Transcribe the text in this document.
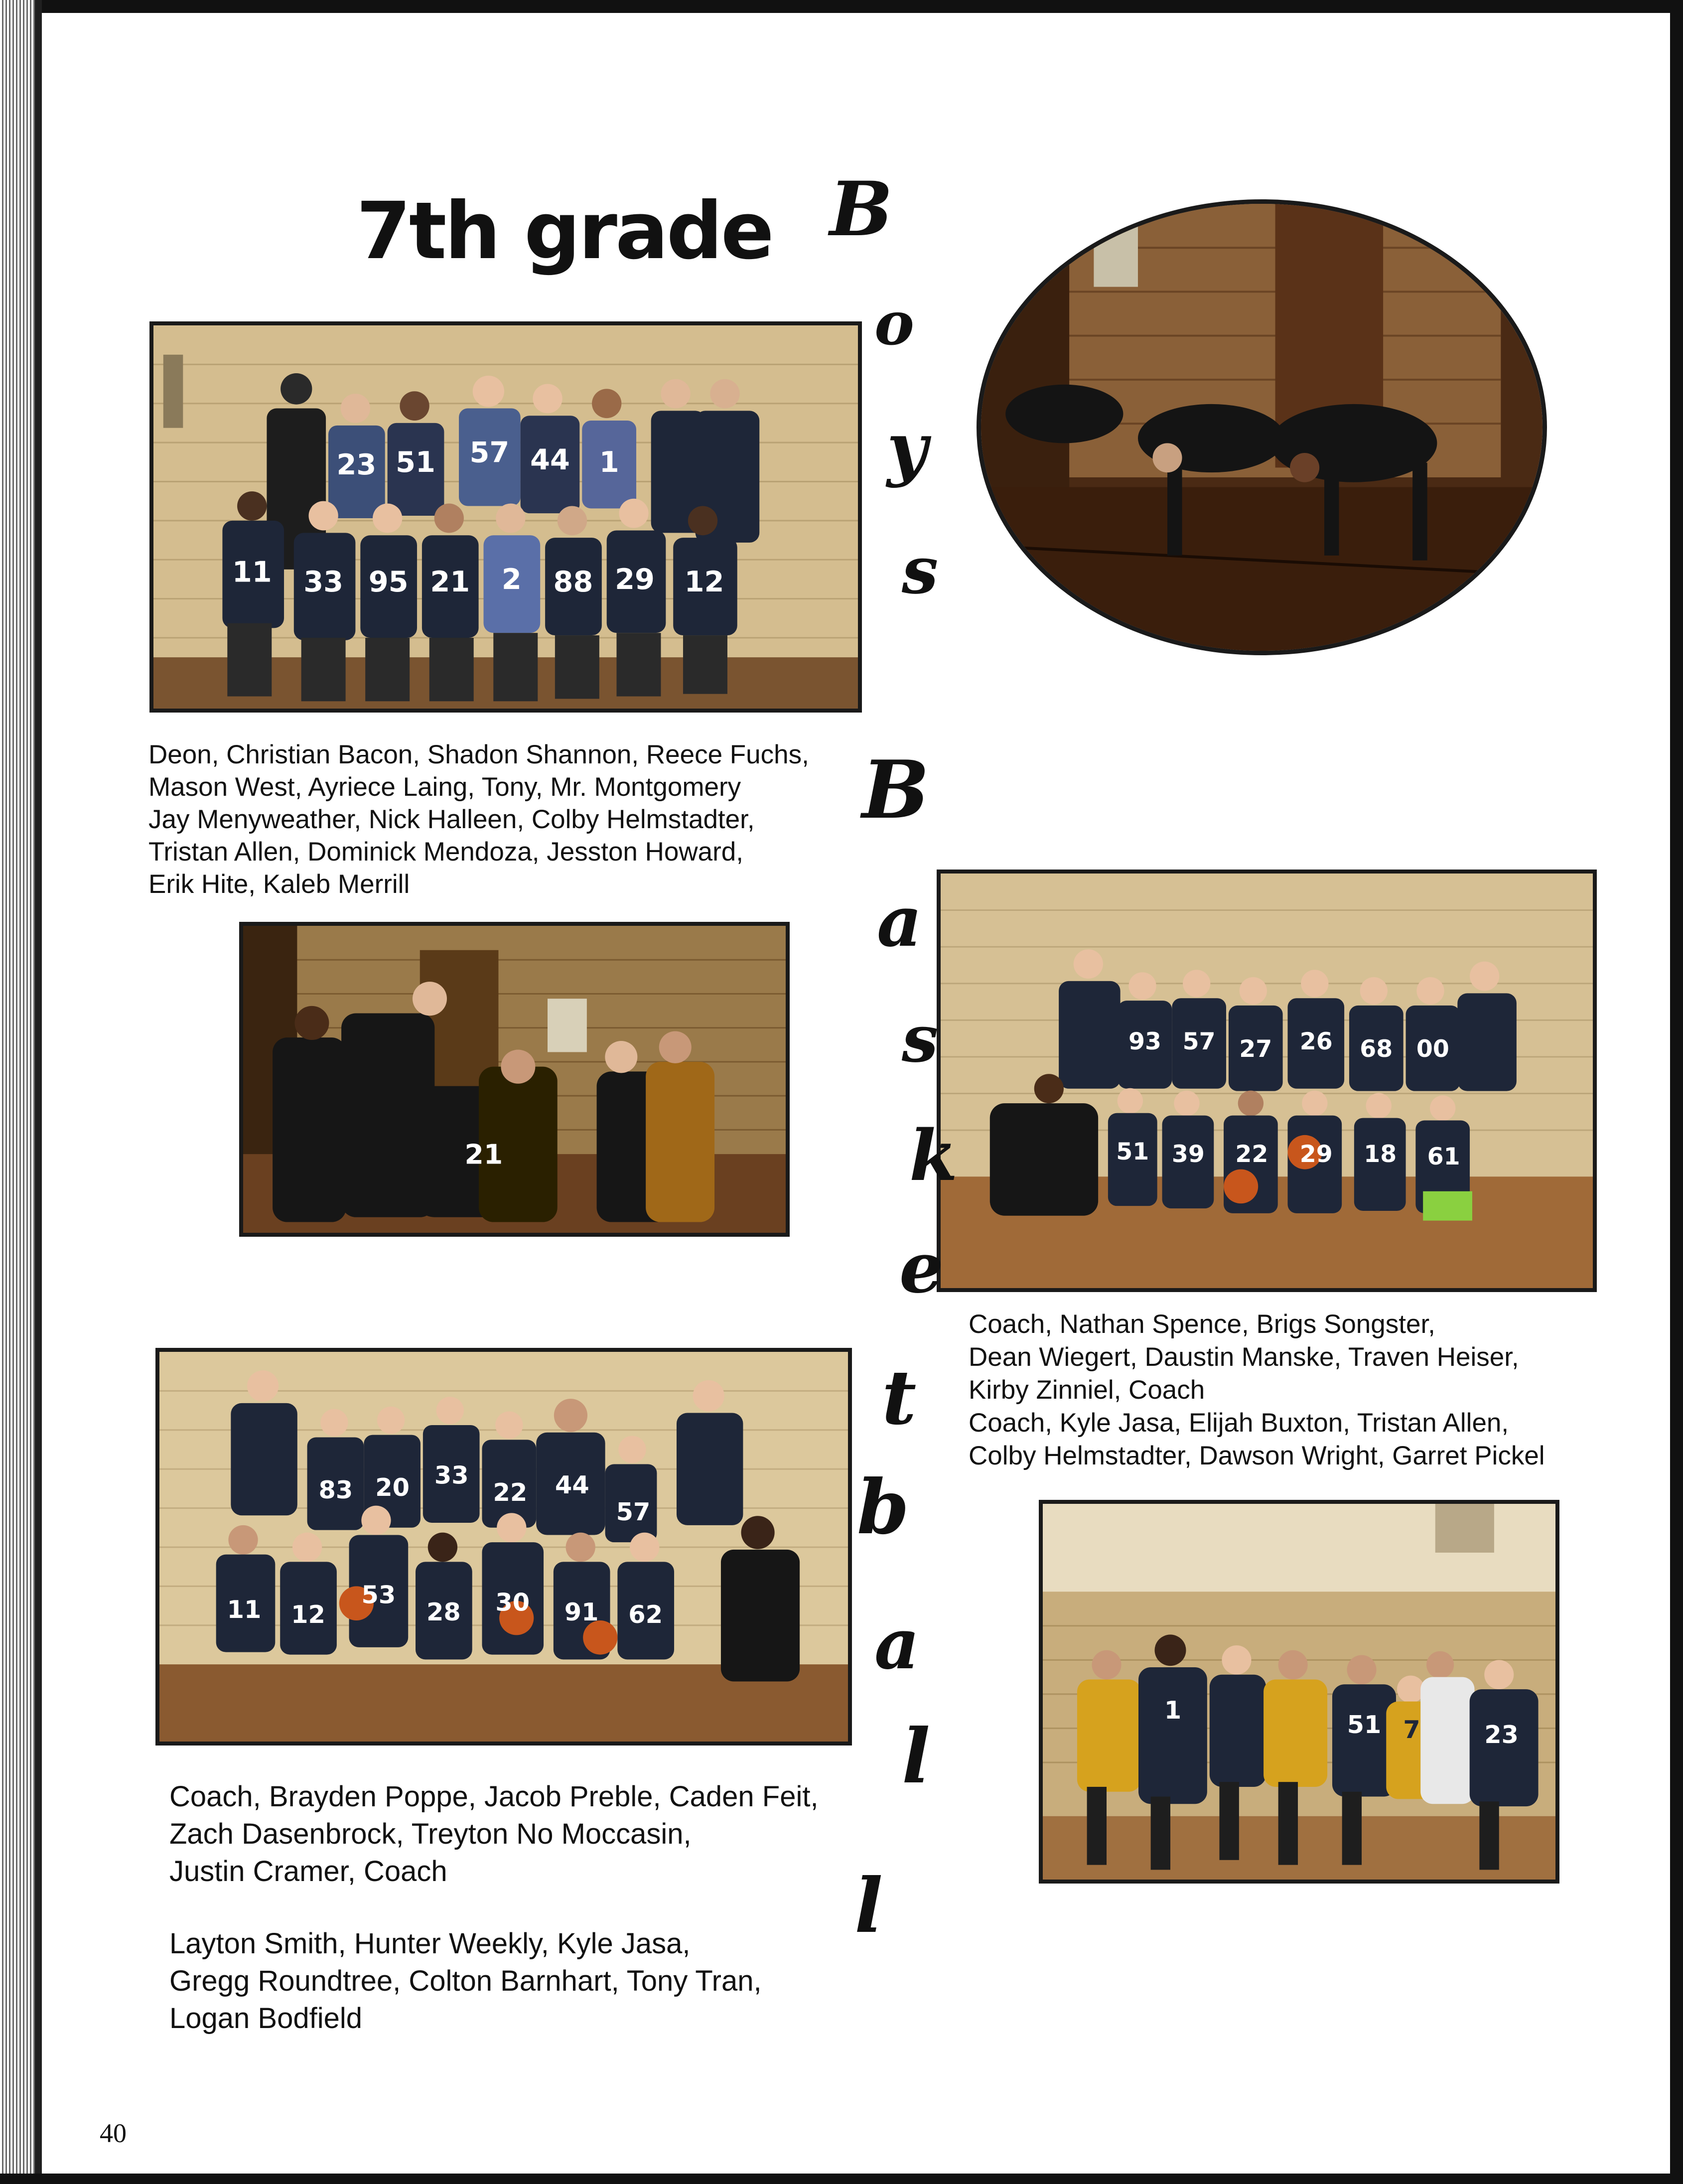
7th grade
23 51 57 44 1
11 33 95 21 2 88 29 12
21
93 57 27 26 68 00
51 39 22 29 18 61
83 20 33
22 44
57
11 12
53
28 30 91 62
1
51 7	23

Deon, Christian Bacon, Shadon Shannon, Reece Fuchs,
Mason West, Ayriece Laing, Tony, Mr. Montgomery
Jay Menyweather, Nick Halleen, Colby Helmstadter,
Tristan Allen, Dominick Mendoza, Jesston Howard,
Erik Hite, Kaleb Merrill

Coach, Nathan Spence, Brigs Songster,
Dean Wiegert, Daustin Manske, Traven Heiser,
Kirby Zinniel, Coach
Coach, Kyle Jasa, Elijah Buxton, Tristan Allen,
Colby Helmstadter, Dawson Wright, Garret Pickel

Coach, Brayden Poppe, Jacob Preble, Caden Feit,
Zach Dasenbrock, Treyton No Moccasin,
Justin Cramer, Coach

Layton Smith, Hunter Weekly, Kyle Jasa,
Gregg Roundtree, Colton Barnhart, Tony Tran,
Logan Bodfield

B
o
y
s
B
a
s
k
e
t
b
a
l
l
40
